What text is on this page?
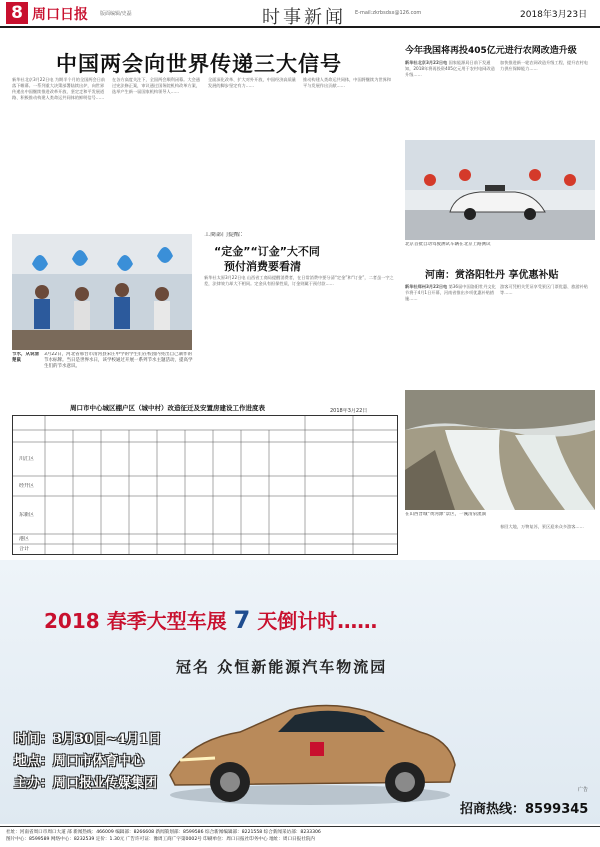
8 周口日报 版面编辑/史磊	E-mail:zkrbsdsx@126.com
时事新闻	2018年3月23日
中国两会向世界传递三大信号
新华社北京3月22日电 为期半个月的全国两会日前落下帷幕。一系列重大决策部署陆续出炉，向世界传递出中国继续推进改革开放、坚定走和平发展道路、积极推动构建人类命运共同体的鲜明信号……
在各方高度关注下，全国两会顺利闭幕。大会通过宪法修正案，审议通过国务院机构改革方案，选举产生新一届国家机构领导人……
全面深化改革、扩大对外开放，中国经济高质量发展的脚步坚定有力……
推动构建人类命运共同体，中国将继续为世界和平与发展作出贡献……
节水，从说清楚鼠
3月22日，河北省邢台市清河县宋庄中学的学生们在校园内亮出自己制作的节水标牌。当日是世界水日，该学校通过开展一系列节水主题活动，提高学生们的节水意识。
工商部门提醒：
“定金”“订金”大不同
预付消费要看清
新华社太原3月22日电 山西省工商局提醒消费者，在日常消费中要分清“定金”和“订金”，二者虽一字之差，法律效力却大不相同。定金具有担保性质，订金则属于预付款……
周口市中心城区棚户区（城中村）改造征迁及安置房建设工作进度表	2018年3月22日
川汇区
经开区
东新区
港区
合计
今年我国将再投405亿元进行农网改造升级
新华社北京3月22日电 国家能源局日前下发通知，2018年将再投资405亿元用于农村电网改造升级……
加快推进新一轮农网改造升级工程，提升农村电力供应保障能力……
北京首批自动驾驶测试车辆在北京上路测试
河南：赏洛阳牡丹 享优惠补贴
新华社郑州3月22日电 第36届中国洛阳牡丹文化节将于4月1日开幕，河南省推出多项优惠补贴措施……
游客可凭相关凭证享受景区门票优惠、旅游补贴等……
在山西晋城“黄河源”景区，一溪清泉流淌
春回大地，万物复苏，景区迎来众多游客……
2018 春季大型车展 7 天倒计时……
冠名 众恒新能源汽车物流园
时间：3月30日~4月1日
地点：周口市体育中心
主办：周口报业传媒集团
招商热线：8599345
广告
社址：河南省周口市周口大道 部 新闻热线：466009 编辑部：8266608 新闻策划部：8599586 综合新闻编辑部：8221558 综合新闻采访部：8233306
图片中心：8599589 网络中心：8232539 定价：1.30元 广告许可证：豫周工商广字第0002号 印刷单位：周口日报社印务中心 地址：周口日报社院内
